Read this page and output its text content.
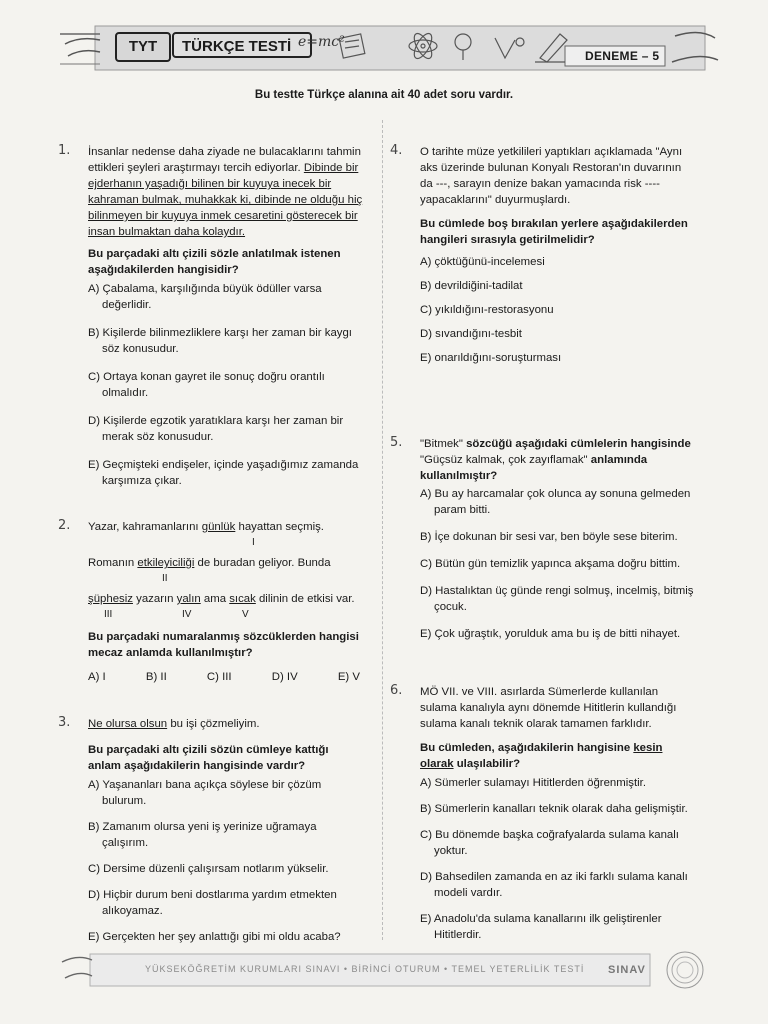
TYT	TÜRKÇE TESTİ e=mc²
DENEME – 5
Bu testte Türkçe alanına ait 40 adet soru vardır.
1. İnsanlar nedense daha ziyade ne bulacaklarını tahmin ettikleri şeyleri araştırmayı tercih ediyorlar. Dibinde bir ejderhanın yaşadığı bilinen bir kuyuya inecek bir kahraman bulmak, muhakkak ki, dibinde ne olduğu hiç bilinmeyen bir kuyuya inmek cesaretini gösterecek bir insan bulmaktan daha kolaydır.
Bu parçadaki altı çizili sözle anlatılmak istenen aşağıdakilerden hangisidir?
A) Çabalama, karşılığında büyük ödüller varsa değerlidir.
B) Kişilerde bilinmezliklere karşı her zaman bir kaygı söz konusudur.
C) Ortaya konan gayret ile sonuç doğru orantılı olmalıdır.
D) Kişilerde egzotik yaratıklara karşı her zaman bir merak söz konusudur.
E) Geçmişteki endişeler, içinde yaşadığımız zamanda karşımıza çıkar.
2. Yazar, kahramanlarını günlük hayattan seçmiş.
I
Romanın etkileyiciliği de buradan geliyor. Bunda
II
şüphesiz yazarın yalın ama sıcak dilinin de etkisi var.
III	IV	V
Bu parçadaki numaralanmış sözcüklerden hangisi mecaz anlamda kullanılmıştır?
A) I	B) II	C) III	D) IV	E) V
3. Ne olursa olsun bu işi çözmeliyim.
Bu parçadaki altı çizili sözün cümleye kattığı anlam aşağıdakilerin hangisinde vardır?
A) Yaşananları bana açıkça söylese bir çözüm bulurum.
B) Zamanım olursa yeni iş yerinize uğramaya çalışırım.
C) Dersime düzenli çalışırsam notlarım yükselir.
D) Hiçbir durum beni dostlarıma yardım etmekten alıkoyamaz.
E) Gerçekten her şey anlattığı gibi mi oldu acaba?
4. O tarihte müze yetkilileri yaptıkları açıklamada "Aynı aks üzerinde bulunan Konyalı Restoran'ın duvarının da ---, sarayın denize bakan yamacında risk ---- yapacaklarını" duyurmuşlardı.
Bu cümlede boş bırakılan yerlere aşağıdakilerden hangileri sırasıyla getirilmelidir?
A) çöktüğünü-incelemesi
B) devrildiğini-tadilat
C) yıkıldığını-restorasyonu
D) sıvandığını-tesbit
E) onarıldığını-soruşturması
5. "Bitmek" sözcüğü aşağıdaki cümlelerin hangisinde "Güçsüz kalmak, çok zayıflamak" anlamında kullanılmıştır?
A) Bu ay harcamalar çok olunca ay sonuna gelmeden param bitti.
B) İçe dokunan bir sesi var, ben böyle sese biterim.
C) Bütün gün temizlik yapınca akşama doğru bittim.
D) Hastalıktan üç günde rengi solmuş, incelmiş, bitmiş çocuk.
E) Çok uğraştık, yorulduk ama bu iş de bitti nihayet.
6. MÖ VII. ve VIII. asırlarda Sümerlerde kullanılan sulama kanalıyla aynı dönemde Hititlerin kullandığı sulama kanalı teknik olarak tamamen farklıdır.
Bu cümleden, aşağıdakilerin hangisine kesin olarak ulaşılabilir?
A) Sümerler sulamayı Hititlerden öğrenmiştir.
B) Sümerlerin kanalları teknik olarak daha gelişmiştir.
C) Bu dönemde başka coğrafyalarda sulama kanalı yoktur.
D) Bahsedilen zamanda en az iki farklı sulama kanalı modeli vardır.
E) Anadolu'da sulama kanallarını ilk geliştirenler Hititlerdir.
YÜKSEKÖĞRETİM KURUMLARI SINAVI • BİRİNCİ OTURUM • TEMEL YETERLİLİK TESTİ SINAV
